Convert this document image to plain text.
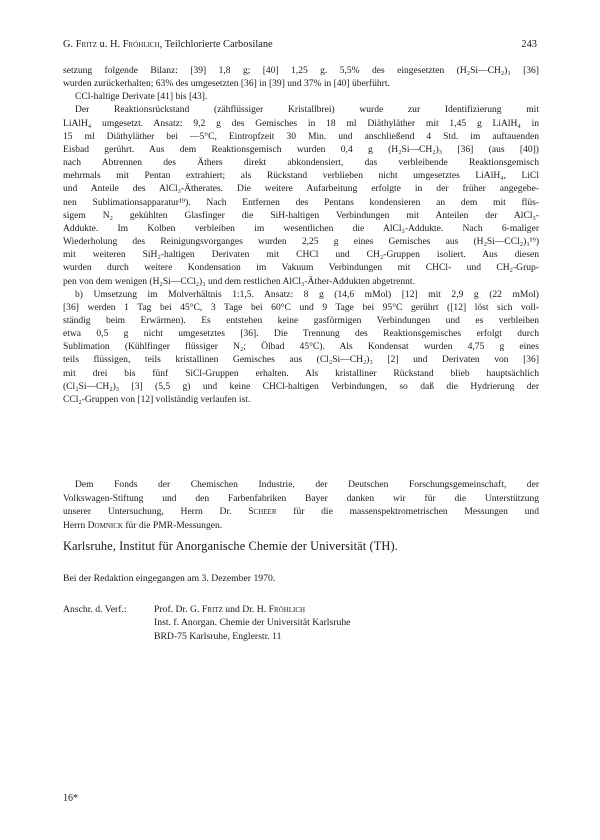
G. Fritz u. H. Fröhlich, Teilchlorierte Carbosilane	243
setzung folgende Bilanz: [39] 1,8 g; [40] 1,25 g. 5,5% des eingesetzten (H₂Si—CH₂)₃ [36]
wurden zurückerhalten; 63% des umgesetzten [36] in [39] und 37% in [40] überführt.
CCl-haltige Derivate [41] bis [43].
Der Reaktionsrückstand (zähflüssiger Kristallbrei) wurde zur Identifizierung mit
LiAlH₄ umgesetzt. Ansatz: 9,2 g des Gemisches in 18 ml Diäthyläther mit 1,45 g LiAlH₄ in
15 ml Diäthyläther bei —5°C, Eintropfzeit 30 Min. und anschließend 4 Std. im auftauenden
Eisbad gerührt. Aus dem Reaktionsgemisch wurden 0,4 g (H₂Si—CH₂)₃ [36] (aus [40])
nach Abtrennen des Äthers direkt abkondensiert, das verbleibende Reaktionsgemisch
mehrmals mit Pentan extrahiert; als Rückstand verblieben nicht umgesetztes LiAlH₄, LiCl
und Anteile des AlCl₃-Ätherates. Die weitere Aufarbeitung erfolgte in der früher angegebe-
nen Sublimationsapparatur¹⁹). Nach Entfernen des Pentans kondensieren an dem mit flüs-
sigem N₂ gekühlten Glasfinger die SiH-haltigen Verbindungen mit Anteilen der AlCl₃-
Addukte. Im Kolben verbleiben im wesentlichen die AlCl₃-Addukte. Nach 6-maliger
Wiederholung des Reinigungsvorganges wurden 2,25 g eines Gemisches aus (H₂Si—CCl₂)₃¹⁹)
mit weiteren SiH₂-haltigen Derivaten mit CHCl und CH₂-Gruppen isoliert. Aus diesen
wurden durch weitere Kondensation im Vakuum Verbindungen mit CHCl- und CH₂-Grup-
pen von dem wenigen (H₂Si—CCl₂)₃ und dem restlichen AlCl₃-Äther-Addukten abgetrennt.
b) Umsetzung im Molverhältnis 1:1,5. Ansatz: 8 g (14,6 mMol) [12] mit 2,9 g (22 mMol)
[36] werden 1 Tag bei 45°C, 3 Tage bei 60°C und 9 Tage bei 95°C gerührt ([12] löst sich voll-
ständig beim Erwärmen). Es entstehen keine gasförmigen Verbindungen und es verbleiben
etwa 0,5 g nicht umgesetztes [36]. Die Trennung des Reaktionsgemisches erfolgt durch
Sublimation (Kühlfinger flüssiger N₂; Ölbad 45°C). Als Kondensat wurden 4,75 g eines
teils flüssigen, teils kristallinen Gemisches aus (Cl₂Si—CH₂)₃ [2] und Derivaten von [36]
mit drei bis fünf SiCl-Gruppen erhalten. Als kristalliner Rückstand blieb hauptsächlich
(Cl₂Si—CH₂)₃ [3] (5,5 g) und keine CHCl-haltigen Verbindungen, so daß die Hydrierung der
CCl₂-Gruppen von [12] vollständig verlaufen ist.
Dem Fonds der Chemischen Industrie, der Deutschen Forschungsgemeinschaft, der
Volkswagen-Stiftung und den Farbenfabriken Bayer danken wir für die Unterstützung
unserer Untersuchung, Herrn Dr. Scheer für die massenspektrometrischen Messungen und
Herrn Domnick für die PMR-Messungen.
Karlsruhe, Institut für Anorganische Chemie der Universität (TH).
Bei der Redaktion eingegangen am 3. Dezember 1970.
Anschr. d. Verf.:	Prof. Dr. G. Fritz und Dr. H. Fröhlich
Inst. f. Anorgan. Chemie der Universität Karlsruhe
BRD-75 Karlsruhe, Englerstr. 11
16*
